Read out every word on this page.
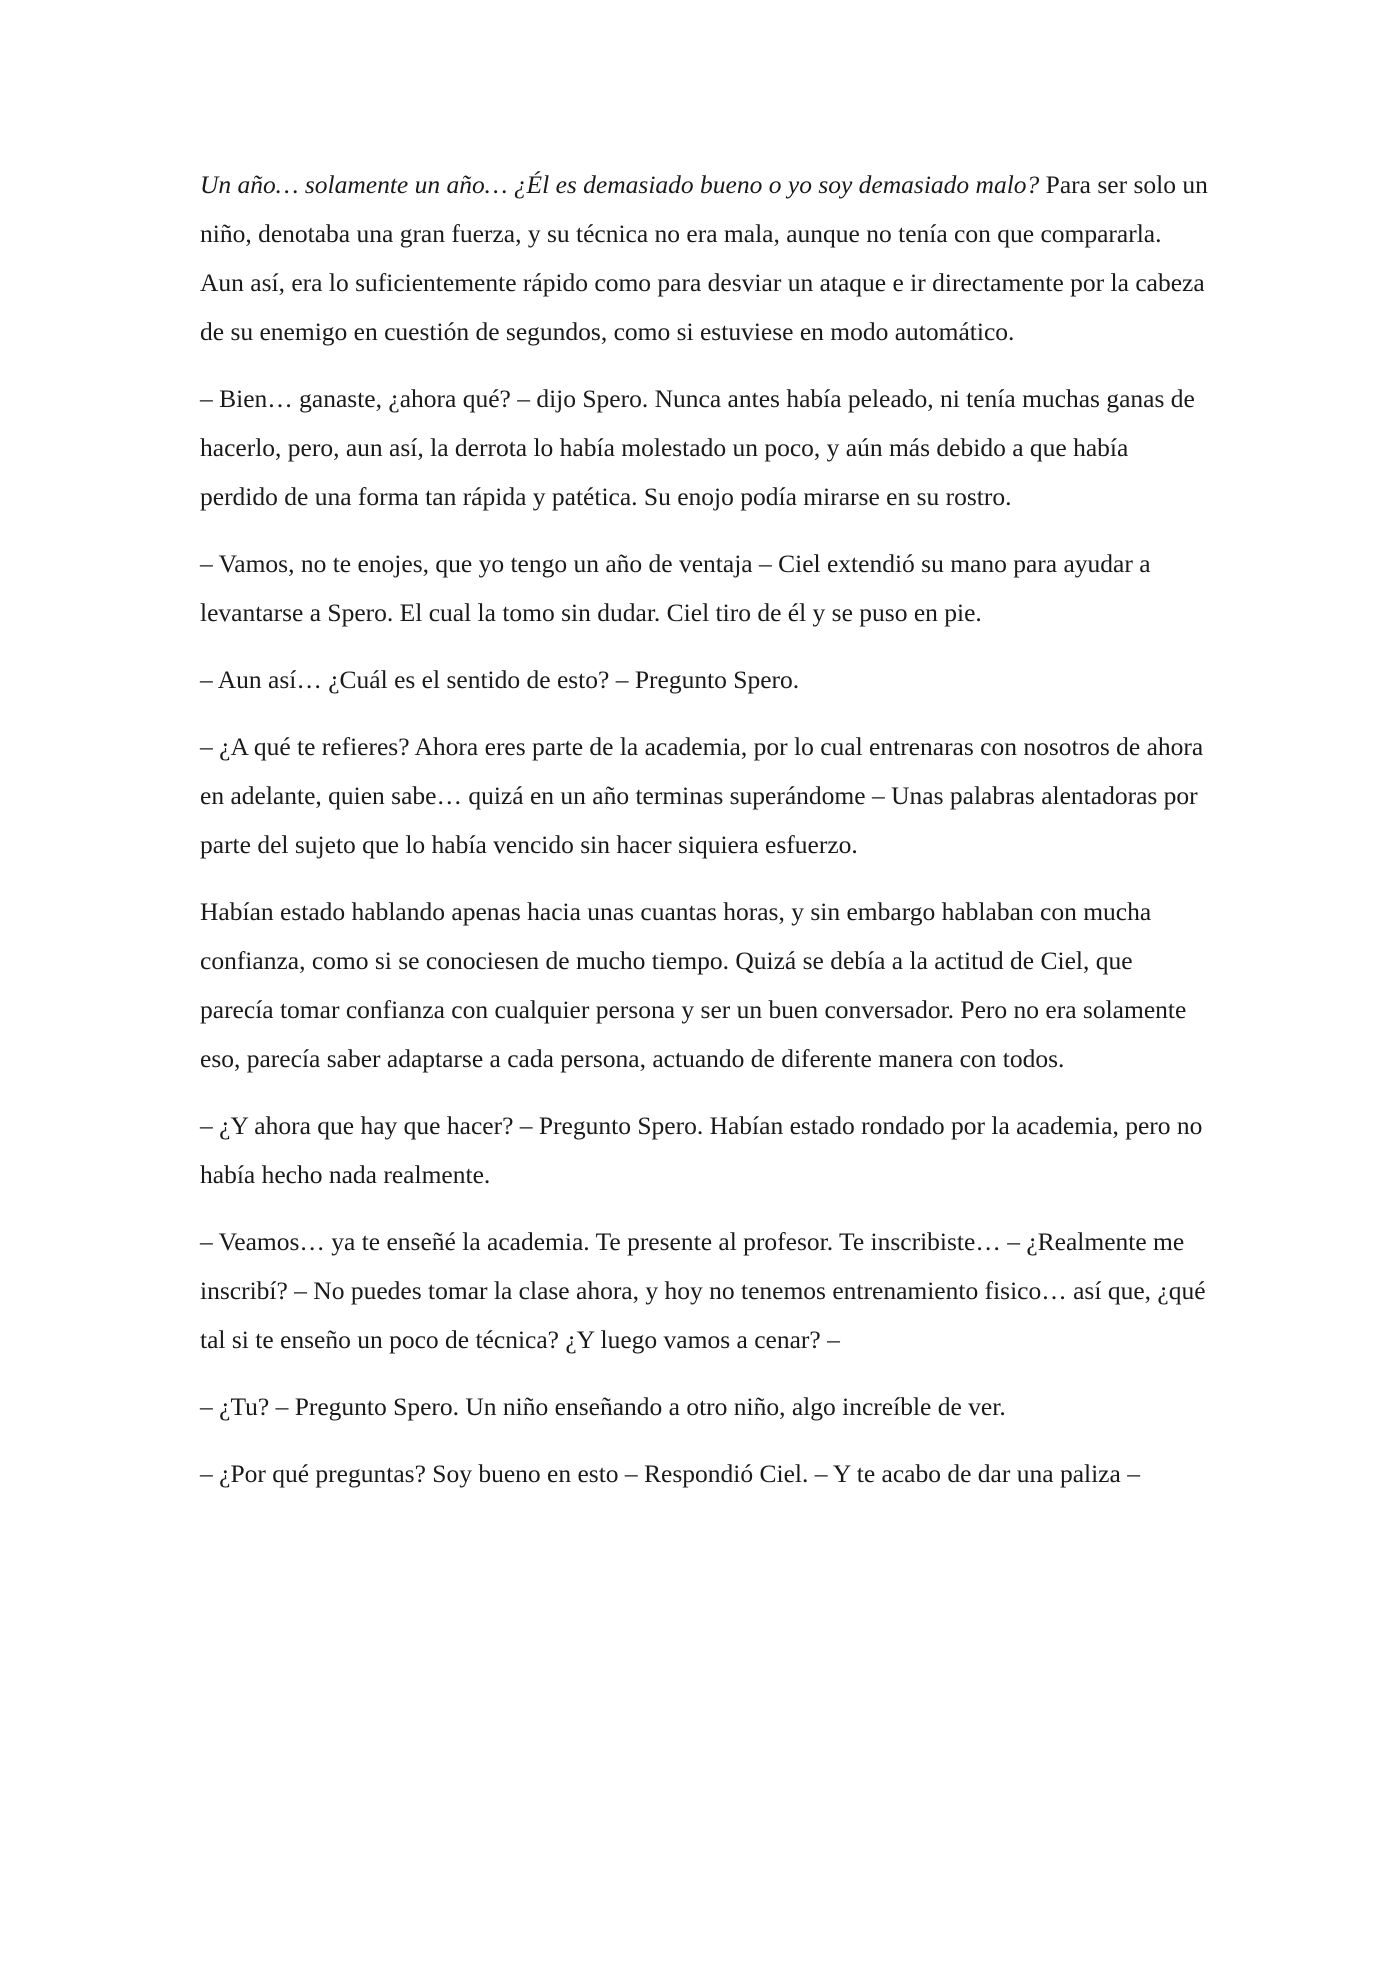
Un año… solamente un año… ¿Él es demasiado bueno o yo soy demasiado malo? Para ser solo un niño, denotaba una gran fuerza, y su técnica no era mala, aunque no tenía con que compararla. Aun así, era lo suficientemente rápido como para desviar un ataque e ir directamente por la cabeza de su enemigo en cuestión de segundos, como si estuviese en modo automático.

– Bien… ganaste, ¿ahora qué? – dijo Spero. Nunca antes había peleado, ni tenía muchas ganas de hacerlo, pero, aun así, la derrota lo había molestado un poco, y aún más debido a que había perdido de una forma tan rápida y patética. Su enojo podía mirarse en su rostro.

– Vamos, no te enojes, que yo tengo un año de ventaja – Ciel extendió su mano para ayudar a levantarse a Spero. El cual la tomo sin dudar. Ciel tiro de él y se puso en pie.

– Aun así… ¿Cuál es el sentido de esto? – Pregunto Spero.

– ¿A qué te refieres? Ahora eres parte de la academia, por lo cual entrenaras con nosotros de ahora en adelante, quien sabe… quizá en un año terminas superándome – Unas palabras alentadoras por parte del sujeto que lo había vencido sin hacer siquiera esfuerzo.

Habían estado hablando apenas hacia unas cuantas horas, y sin embargo hablaban con mucha confianza, como si se conociesen de mucho tiempo. Quizá se debía a la actitud de Ciel, que parecía tomar confianza con cualquier persona y ser un buen conversador. Pero no era solamente eso, parecía saber adaptarse a cada persona, actuando de diferente manera con todos.

– ¿Y ahora que hay que hacer? – Pregunto Spero. Habían estado rondado por la academia, pero no había hecho nada realmente.

– Veamos… ya te enseñé la academia. Te presente al profesor. Te inscribiste… – ¿Realmente me inscribí? – No puedes tomar la clase ahora, y hoy no tenemos entrenamiento fisico… así que, ¿qué tal si te enseño un poco de técnica? ¿Y luego vamos a cenar? –

– ¿Tu? – Pregunto Spero. Un niño enseñando a otro niño, algo increíble de ver.

– ¿Por qué preguntas? Soy bueno en esto – Respondió Ciel. – Y te acabo de dar una paliza –
